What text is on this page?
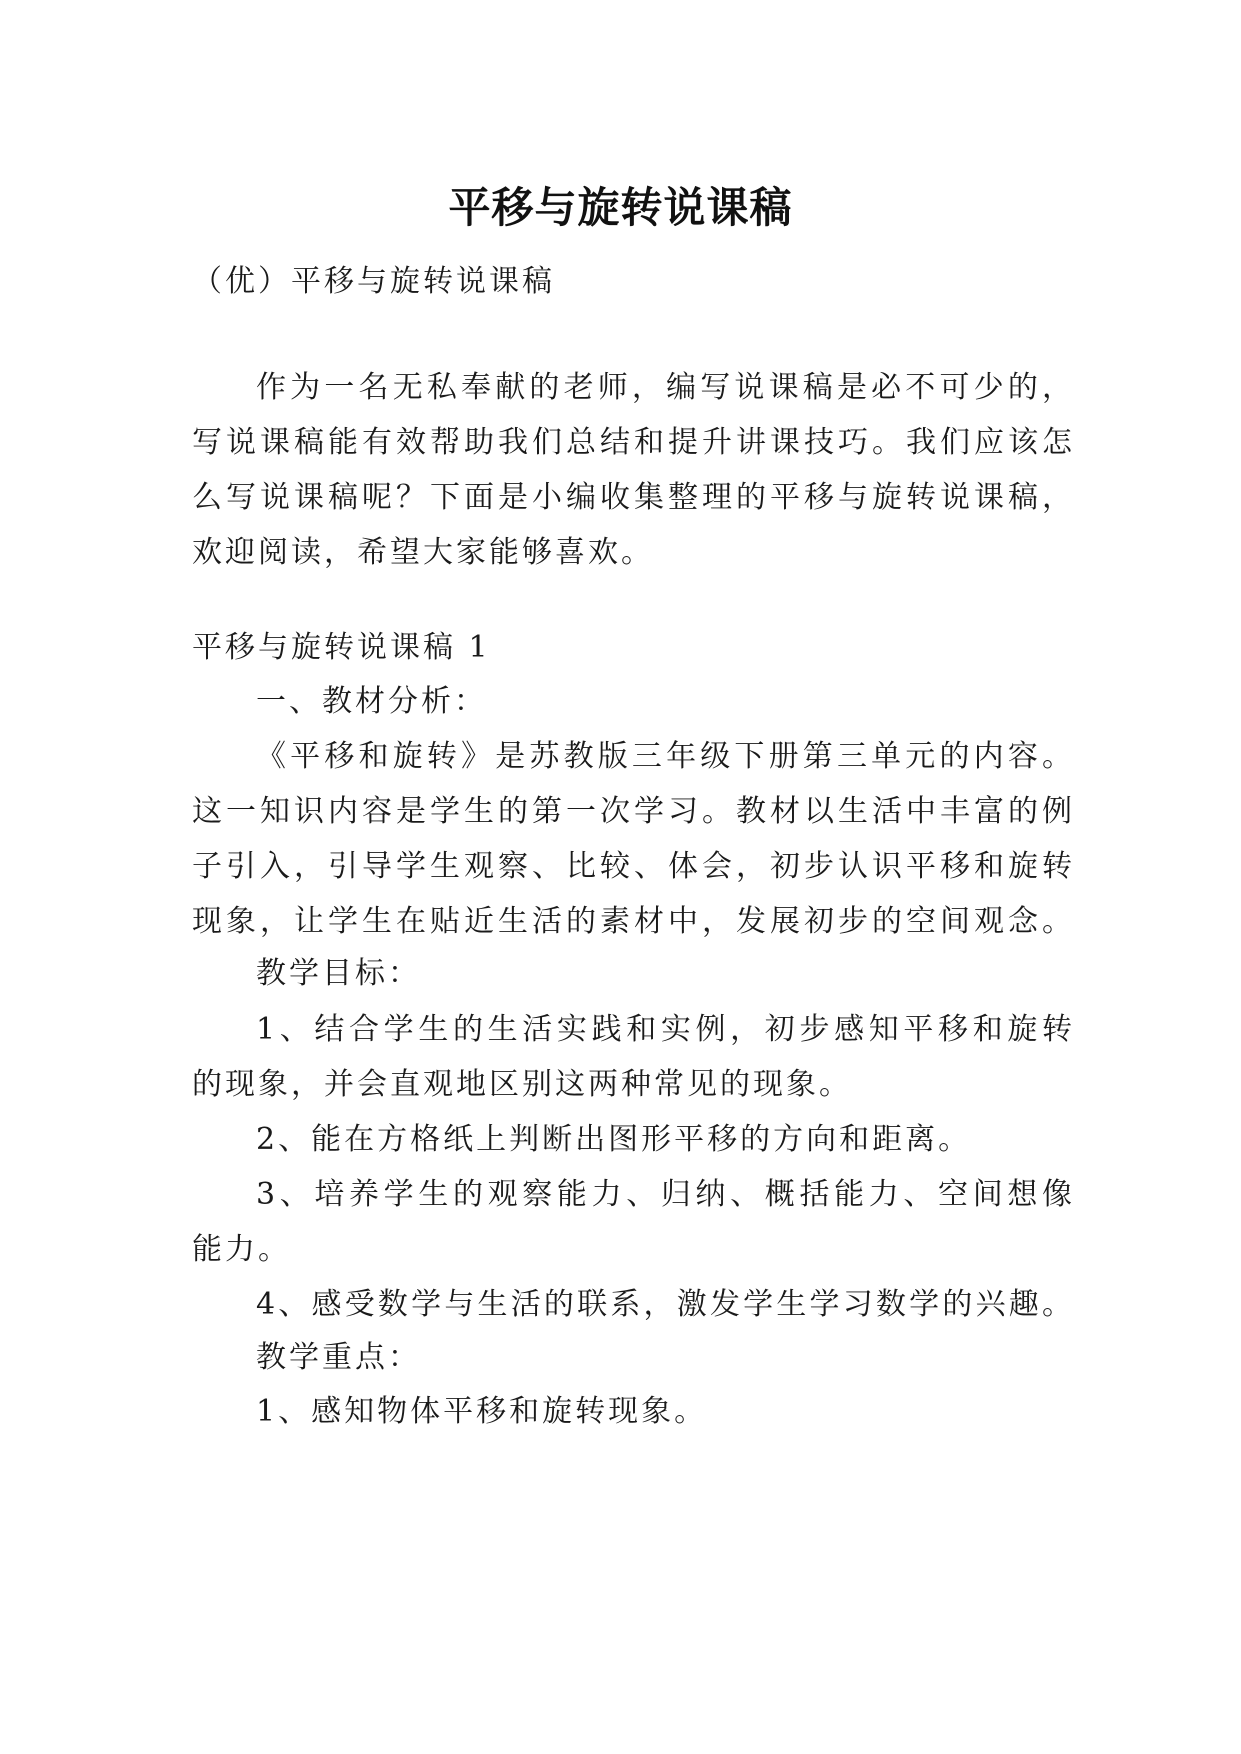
平移与旋转说课稿

（优）平移与旋转说课稿

作为一名无私奉献的老师，编写说课稿是必不可少的，

写说课稿能有效帮助我们总结和提升讲课技巧。我们应该怎

么写说课稿呢？下面是小编收集整理的平移与旋转说课稿，

欢迎阅读，希望大家能够喜欢。

平移与旋转说课稿 1

一、教材分析：

《平移和旋转》是苏教版三年级下册第三单元的内容。

这一知识内容是学生的第一次学习。教材以生活中丰富的例

子引入，引导学生观察、比较、体会，初步认识平移和旋转

现象，让学生在贴近生活的素材中，发展初步的空间观念。

教学目标：

1、结合学生的生活实践和实例，初步感知平移和旋转

的现象，并会直观地区别这两种常见的现象。

2、能在方格纸上判断出图形平移的方向和距离。

3、培养学生的观察能力、归纳、概括能力、空间想像

能力。

4、感受数学与生活的联系，激发学生学习数学的兴趣。

教学重点：

1、感知物体平移和旋转现象。
